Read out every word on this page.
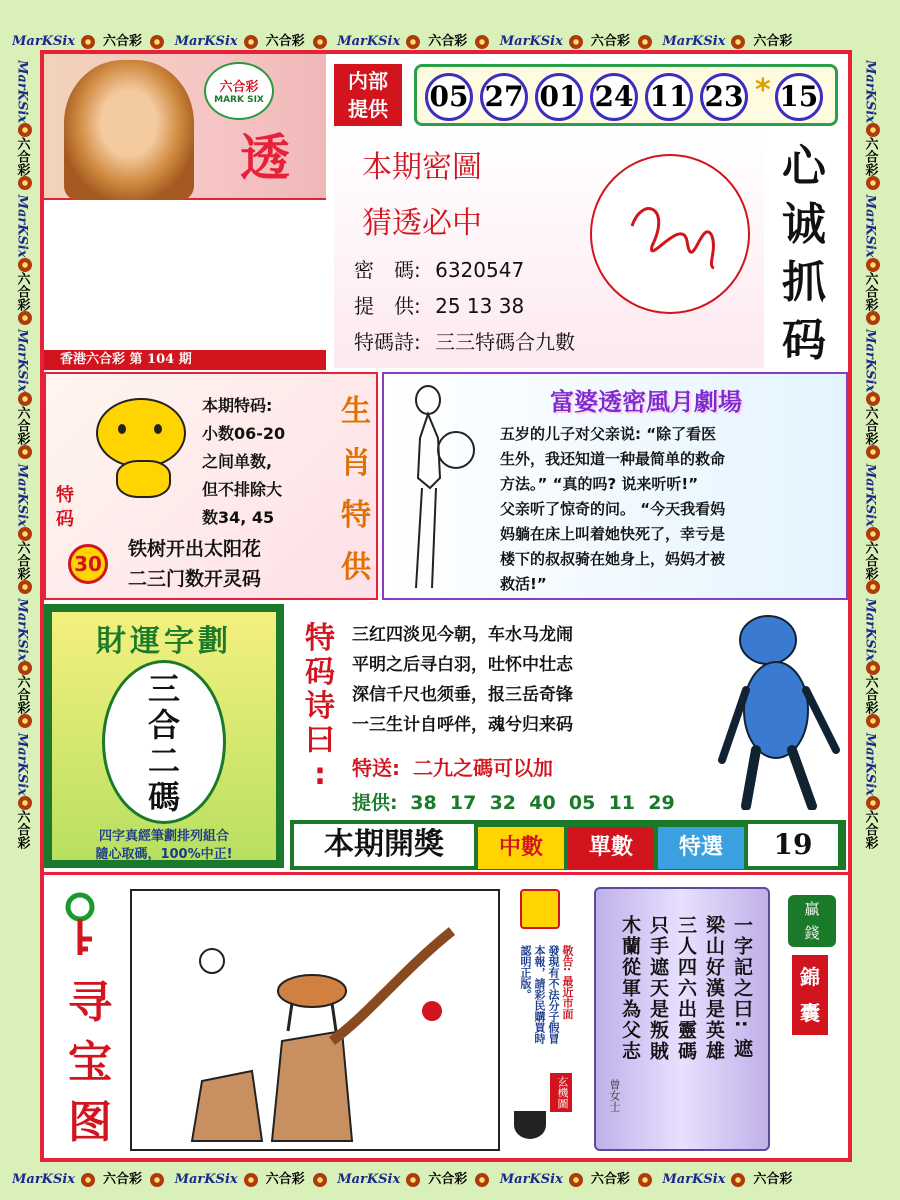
MarKSix 六合彩	MarKSix 六合彩	MarKSix 六合彩	MarKSix 六合彩	MarKSix 六合彩
MarKSix 六合彩	MarKSix 六合彩	MarKSix 六合彩	MarKSix 六合彩	MarKSix 六合彩
MarKSix六合彩 MarKSix六合彩 MarKSix六合彩 MarKSix六合彩 MarKSix六合彩 MarKSix六合彩
MarKSix六合彩 MarKSix六合彩 MarKSix六合彩 MarKSix六合彩 MarKSix六合彩 MarKSix六合彩
六合彩
MARK SIX
透
香港六合彩 第 104 期
内部
提供	05 27 01 24 11 23 * 15
本期密圖
猜透必中
密　碼: 6320547
提　供: 25 13 38
特碼詩: 三三特碼合九數
心
诚
抓
码
特码
30
本期特码:
小数06-20
之间单数,
但不排除大
数34, 45
铁树开出太阳花
二三门数开灵码
生
肖
特
供
富婆透密風月劇場
五岁的儿子对父亲说: “除了看医
生外，我还知道一种最简单的救命
方法。” “真的吗? 说来听听!”
父亲听了惊奇的问。 “今天我看妈
妈躺在床上叫着她快死了，幸亏是
楼下的叔叔骑在她身上，妈妈才被
救活!”
財運字劃
三
合
二
碼
四字真經筆劃排列組合
隨心取碼，100%中正!
特
码
诗
曰
:
三红四淡见今朝，车水马龙闹
平明之后寻白羽，吐怀中壮志
深信千尺也须垂，报三岳奇锋
一三生计自呼伴，魂兮归来码
特送: 二九之碼可以加
提供: 38  17  32  40  05  11  29
本期開獎 中數 單數 特選 19
寻
宝
图
敬告: 最近市面
發現有不法分子假冒
本報，請彩民購買時
認明正版。
玄機圖
一字記之曰: 遮
梁山好漢是英雄
三人四六出靈碼
只手遮天是叛賊
木蘭從軍為父志
曾女士
贏
錢
錦
囊
